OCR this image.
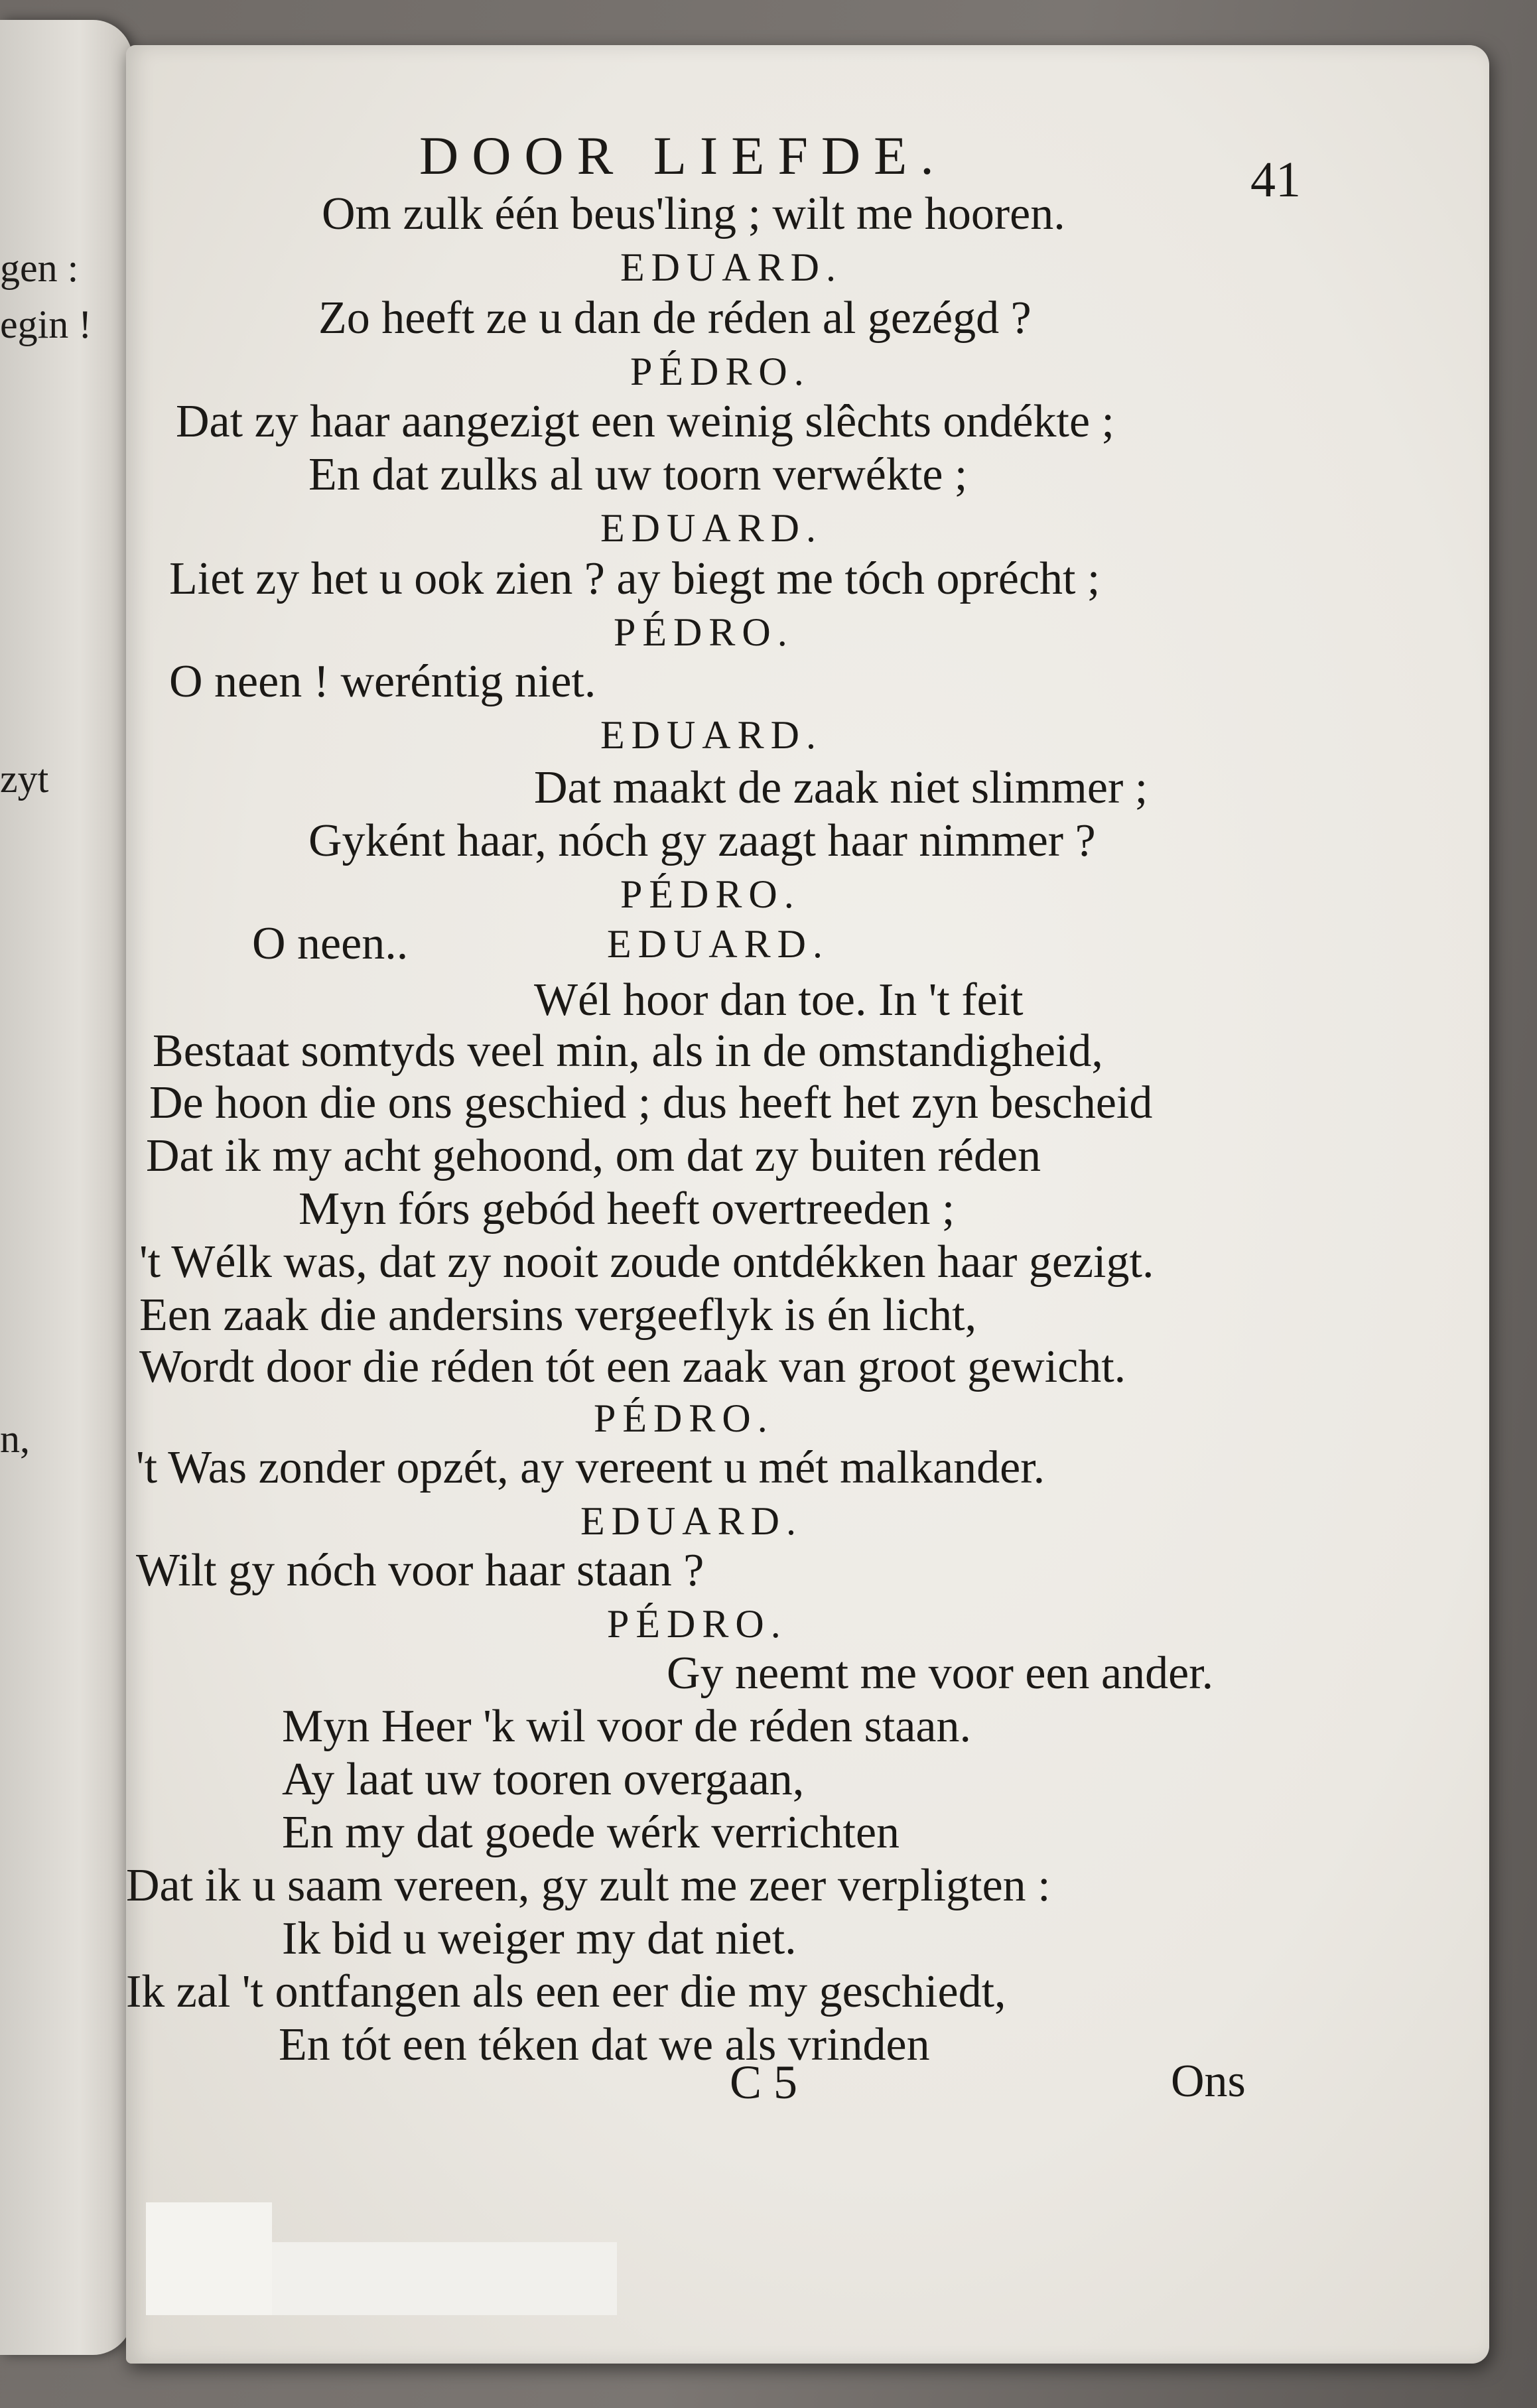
gen :
egin !
zyt
n,
DOOR LIEFDE.	41
Om zulk één beus'ling ; wilt me hooren.
EDUARD.
Zo heeft ze u dan de réden al gezégd ?
PÉDRO.
Dat zy haar aangezigt een weinig slêchts ondékte ;
En dat zulks al uw toorn verwékte ;
EDUARD.
Liet zy het u ook zien ? ay biegt me tóch oprécht ;
PÉDRO.
O neen ! weréntig niet.
EDUARD.
Dat maakt de zaak niet slimmer ;
Gyként haar, nóch gy zaagt haar nimmer ?
PÉDRO.
O neen..	EDUARD.
Wél hoor dan toe. In 't feit
Bestaat somtyds veel min, als in de omstandigheid,
De hoon die ons geschied ; dus heeft het zyn bescheid
Dat ik my acht gehoond, om dat zy buiten réden
Myn fórs gebód heeft overtreeden ;
't Wélk was, dat zy nooit zoude ontdékken haar gezigt.
Een zaak die andersins vergeeflyk is én licht,
Wordt door die réden tót een zaak van groot gewicht.
PÉDRO.
't Was zonder opzét, ay vereent u mét malkander.
EDUARD.
Wilt gy nóch voor haar staan ?
PÉDRO.
Gy neemt me voor een ander.
Myn Heer 'k wil voor de réden staan.
Ay laat uw tooren overgaan,
En my dat goede wérk verrichten
Dat ik u saam vereen, gy zult me zeer verpligten :
Ik bid u weiger my dat niet.
Ik zal 't ontfangen als een eer die my geschiedt,
En tót een téken dat we als vrinden
C 5	Ons
